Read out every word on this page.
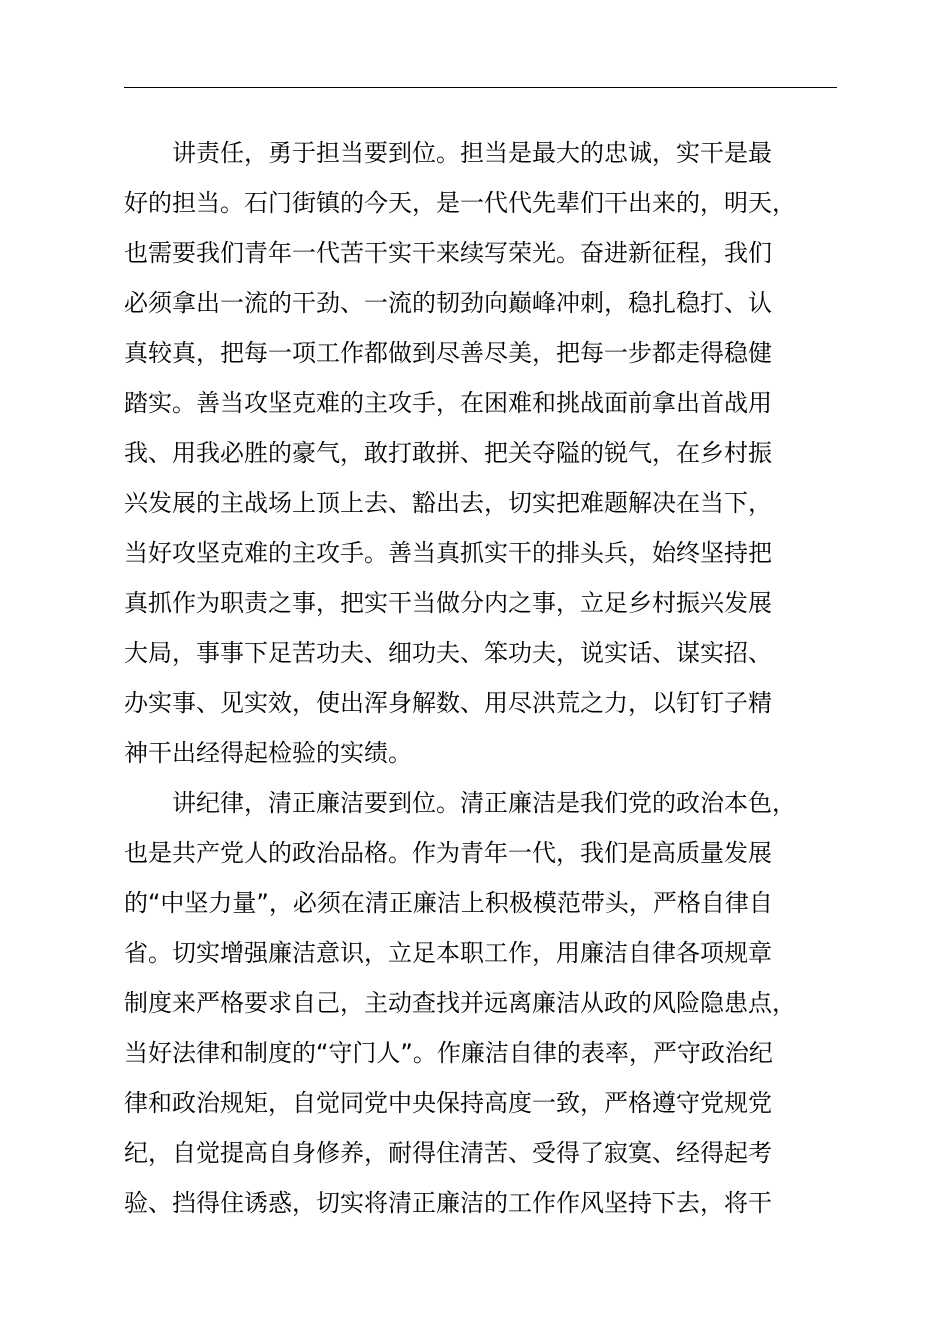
讲责任，勇于担当要到位。担当是最大的忠诚，实干是最
好的担当。石门街镇的今天，是一代代先辈们干出来的，明天，
也需要我们青年一代苦干实干来续写荣光。奋进新征程，我们
必须拿出一流的干劲、一流的韧劲向巅峰冲刺，稳扎稳打、认
真较真，把每一项工作都做到尽善尽美，把每一步都走得稳健
踏实。善当攻坚克难的主攻手，在困难和挑战面前拿出首战用
我、用我必胜的豪气，敢打敢拼、把关夺隘的锐气，在乡村振
兴发展的主战场上顶上去、豁出去，切实把难题解决在当下，
当好攻坚克难的主攻手。善当真抓实干的排头兵，始终坚持把
真抓作为职责之事，把实干当做分内之事，立足乡村振兴发展
大局，事事下足苦功夫、细功夫、笨功夫，说实话、谋实招、
办实事、见实效，使出浑身解数、用尽洪荒之力，以钉钉子精
神干出经得起检验的实绩。
讲纪律，清正廉洁要到位。清正廉洁是我们党的政治本色，
也是共产党人的政治品格。作为青年一代，我们是高质量发展
的“中坚力量”，必须在清正廉洁上积极模范带头，严格自律自
省。切实增强廉洁意识，立足本职工作，用廉洁自律各项规章
制度来严格要求自己，主动查找并远离廉洁从政的风险隐患点，
当好法律和制度的“守门人”。作廉洁自律的表率，严守政治纪
律和政治规矩，自觉同党中央保持高度一致，严格遵守党规党
纪，自觉提高自身修养，耐得住清苦、受得了寂寞、经得起考
验、挡得住诱惑，切实将清正廉洁的工作作风坚持下去，将干
